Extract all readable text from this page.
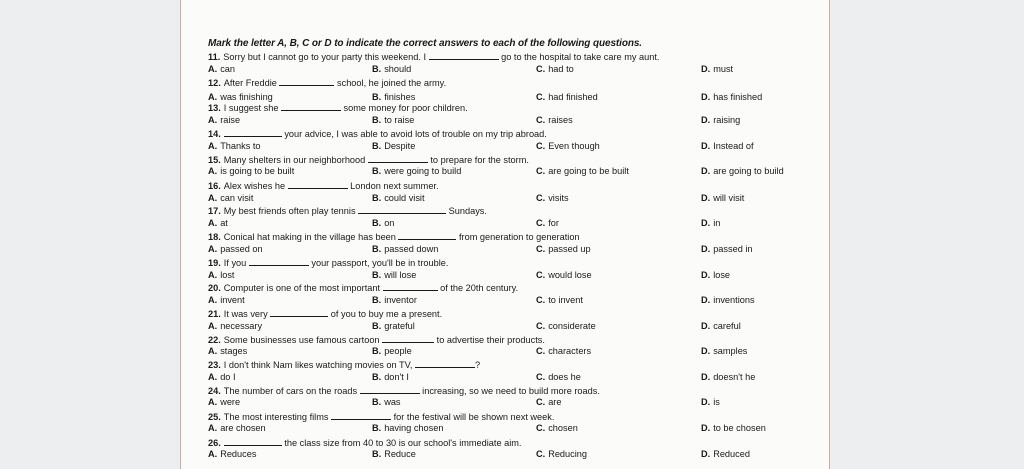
Mark the letter A, B, C or D to indicate the correct answers to each of the following questions.
11. Sorry but I cannot go to your party this weekend. I	go to the hospital to take care my aunt.
A. can	B. should	C. had to	D. must
12. After Freddie	school, he joined the army.
A. was finishing	B. finishes	C. had finished	D. has finished
13. I suggest she	some money for poor children.
A. raise	B. to raise	C. raises	D. raising
14.	your advice, I was able to avoid lots of trouble on my trip abroad.
A. Thanks to	B. Despite	C. Even though	D. Instead of
15. Many shelters in our neighborhood	to prepare for the storm.
A. is going to be built	B. were going to build	C. are going to be built	D. are going to build
16. Alex wishes he	London next summer.
A. can visit	B. could visit	C. visits	D. will visit
17. My best friends often play tennis	Sundays.
A. at	B. on	C. for	D. in
18. Conical hat making in the village has been	from generation to generation
A. passed on	B. passed down	C. passed up	D. passed in
19. If you	your passport, you'll be in trouble.
A. lost	B. will lose	C. would lose	D. lose
20. Computer is one of the most important	of the 20th century.
A. invent	B. inventor	C. to invent	D. inventions
21. It was very	of you to buy me a present.
A. necessary	B. grateful	C. considerate	D. careful
22. Some businesses use famous cartoon	to advertise their products.
A. stages	B. people	C. characters	D. samples
23. I don't think Nam likes watching movies on TV,	?
A. do I	B. don't I	C. does he	D. doesn't he
24. The number of cars on the roads	increasing, so we need to build more roads.
A. were	B. was	C. are	D. is
25. The most interesting films	for the festival will be shown next week.
A. are chosen	B. having chosen	C. chosen	D. to be chosen
26.	the class size from 40 to 30 is our school's immediate aim.
A. Reduces	B. Reduce	C. Reducing	D. Reduced
